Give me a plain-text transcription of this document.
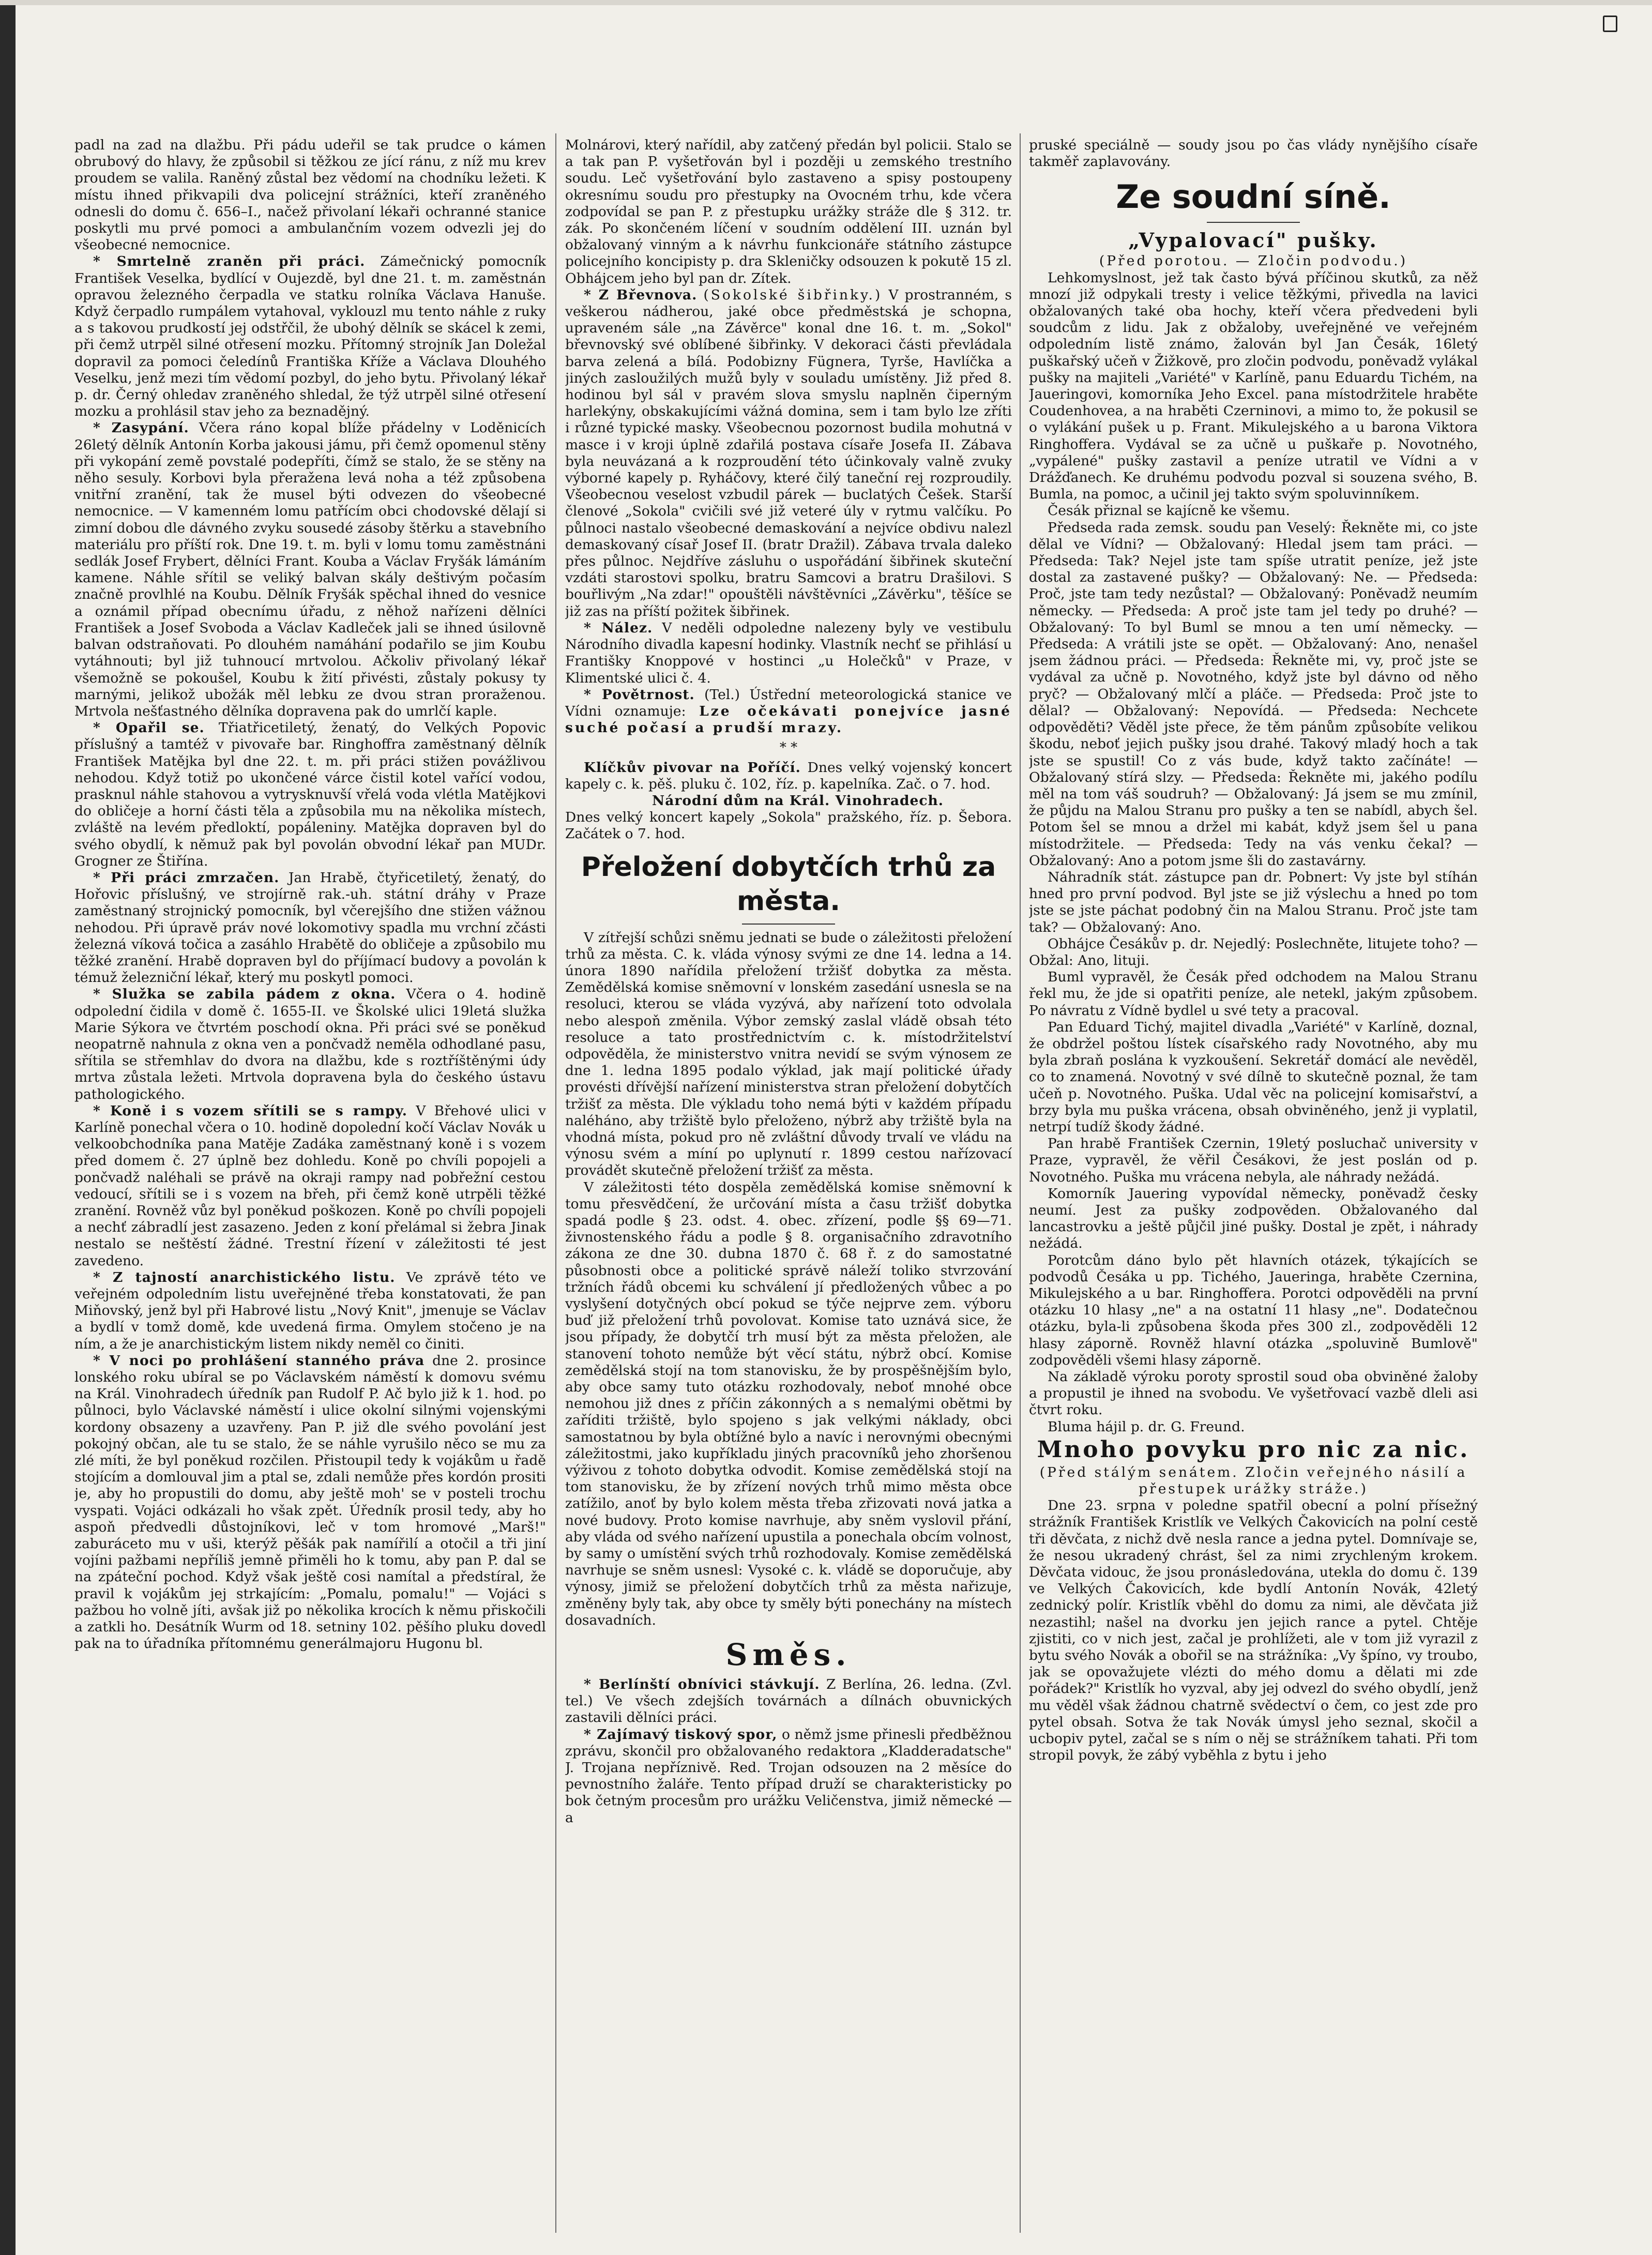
padl na zad na dlažbu. Při pádu udeřil se tak prudce o kámen obrubový do hlavy, že způsobil si těžkou ze jící ránu, z níž mu krev proudem se valila. Raněný zůstal bez vědomí na chodníku ležeti. K místu ihned přikvapili dva policejní strážníci, kteří zraněného odnesli do domu č. 656–I., načež přivolaní lékaři ochranné stanice poskytli mu prvé pomoci a ambulančním vozem odvezli jej do všeobecné nemocnice.

* Smrtelně zraněn při práci. Zámečnický pomocník František Veselka, bydlící v Oujezdě, byl dne 21. t. m. zaměstnán opravou železného čerpadla ve statku rolníka Václava Hanuše. Když čerpadlo rumpálem vytahoval, vyklouzl mu tento náhle z ruky a s takovou prudkostí jej odstřčil, že ubohý dělník se skácel k zemi, při čemž utrpěl silné otřesení mozku. Přítomný strojník Jan Doležal dopravil za pomoci čeledínů Františka Kříže a Václava Dlouhého Veselku, jenž mezi tím vědomí pozbyl, do jeho bytu. Přivolaný lékař p. dr. Černý ohledav zraněného shledal, že týž utrpěl silné otřesení mozku a prohlásil stav jeho za beznadějný.

* Zasypání. Včera ráno kopal blíže přádelny v Loděnicích 26letý dělník Antonín Korba jakousi jámu, při čemž opomenul stěny při vykopání země povstalé podepříti, čímž se stalo, že se stěny na něho sesuly. Korbovi byla přeražena levá noha a též způsobena vnitřní zranění, tak že musel býti odvezen do všeobecné nemocnice. — V kamenném lomu patřícím obci chodovské dělají si zimní dobou dle dávného zvyku sousedé zásoby štěrku a stavebního materiálu pro příští rok. Dne 19. t. m. byli v lomu tomu zaměstnáni sedlák Josef Frybert, dělníci Frant. Kouba a Václav Fryšák lámáním kamene. Náhle sřítil se veliký balvan skály deštivým počasím značně provlhlé na Koubu. Dělník Fryšák spěchal ihned do vesnice a oznámil případ obecnímu úřadu, z něhož nařízeni dělníci František a Josef Svoboda a Václav Kadleček jali se ihned úsilovně balvan odstraňovati. Po dlouhém namáhání podařilo se jim Koubu vytáhnouti; byl již tuhnoucí mrtvolou. Ačkoliv přivolaný lékař všemožně se pokoušel, Koubu k žití přivésti, zůstaly pokusy ty marnými, jelikož ubožák měl lebku ze dvou stran proraženou. Mrtvola nešťastného dělníka dopravena pak do umrlčí kaple.

* Opařil se. Třiatřicetiletý, ženatý, do Velkých Popovic příslušný a tamtéž v pivovaře bar. Ringhoffra zaměstnaný dělník František Matějka byl dne 22. t. m. při práci stižen povážlivou nehodou. Když totiž po ukončené várce čistil kotel vařící vodou, prasknul náhle stahovou a vytrysknuvší vřelá voda vlétla Matějkovi do obličeje a horní části těla a způsobila mu na několika místech, zvláště na levém předloktí, popáleniny. Matějka dopraven byl do svého obydlí, k němuž pak byl povolán obvodní lékař pan MUDr. Grogner ze Štiřína.

* Při práci zmrzačen. Jan Hrabě, čtyřicetiletý, ženatý, do Hořovic příslušný, ve strojírně rak.-uh. státní dráhy v Praze zaměstnaný strojnický pomocník, byl včerejšího dne stižen vážnou nehodou. Při úpravě práv nové lokomotivy spadla mu vrchní zčásti železná víková točica a zasáhlo Hrabětě do obličeje a způsobilo mu těžké zranění. Hrabě dopraven byl do příjímací budovy a povolán k témuž železniční lékař, který mu poskytl pomoci.

* Služka se zabila pádem z okna. Včera o 4. hodině odpolední čidila v domě č. 1655-II. ve Školské ulici 19letá služka Marie Sýkora ve čtvrtém poschodí okna. Při práci své se poněkud neopatrně nahnula z okna ven a pončvadž neměla odhodlané pasu, sřítila se střemhlav do dvora na dlažbu, kde s roztříštěnými údy mrtva zůstala ležeti. Mrtvola dopravena byla do českého ústavu pathologického.

* Koně i s vozem sřítili se s rampy. V Břehové ulici v Karlíně ponechal včera o 10. hodině dopolední kočí Václav Novák u velkoobchodníka pana Matěje Zadáka zaměstnaný koně i s vozem před domem č. 27 úplně bez dohledu. Koně po chvíli popojeli a pončvadž naléhali se právě na okraji rampy nad pobřežní cestou vedoucí, sřítili se i s vozem na břeh, při čemž koně utrpěli těžké zranění. Rovněž vůz byl poněkud poškozen. Koně po chvíli popojeli a nechť zábradlí jest zasazeno. Jeden z koní přelámal si žebra Jinak nestalo se neštěstí žádné. Trestní řízení v záležitosti té jest zavedeno.

* Z tajností anarchistického listu. Ve zprávě této ve veřejném odpoledním listu uveřejněné třeba konstatovati, že pan Miňovský, jenž byl při Habrové listu „Nový Knit", jmenuje se Václav a bydlí v tomž domě, kde uvedená firma. Omylem stočeno je na ním, a že je anarchistickým listem nikdy neměl co činiti.

* V noci po prohlášení stanného práva dne 2. prosince lonského roku ubíral se po Václavském náměstí k domovu svému na Král. Vinohradech úředník pan Rudolf P. Ač bylo již k 1. hod. po půlnoci, bylo Václavské náměstí i ulice okolní silnými vojenskými kordony obsazeny a uzavřeny. Pan P. již dle svého povolání jest pokojný občan, ale tu se stalo, že se náhle vyrušilo něco se mu za zlé míti, že byl poněkud rozčilen. Přistoupil tedy k vojákům u řadě stojícím a domlouval jim a ptal se, zdali nemůže přes kordón prositi je, aby ho propustili do domu, aby ještě moh' se v posteli trochu vyspati. Vojáci odkázali ho však zpět. Úředník prosil tedy, aby ho aspoň předvedli důstojníkovi, leč v tom hromové „Marš!" zaburáceto mu v uši, kterýž pěšák pak namířilí a otočil a tři jiní vojíni pažbami nepříliš jemně přiměli ho k tomu, aby pan P. dal se na zpáteční pochod. Když však ještě cosi namítal a předstíral, že pravil k vojákům jej strkajícím: „Pomalu, pomalu!" — Vojáci s pažbou ho volně jíti, avšak již po několika krocích k němu přiskočili a zatkli ho. Desátník Wurm od 18. setniny 102. pěšího pluku dovedl pak na to úřadníka přítomnému generálmajoru Hugonu bl.

Molnárovi, který nařídil, aby zatčený předán byl policii. Stalo se a tak pan P. vyšetřován byl i později u zemského trestního soudu. Leč vyšetřování bylo zastaveno a spisy postoupeny okresnímu soudu pro přestupky na Ovocném trhu, kde včera zodpovídal se pan P. z přestupku urážky stráže dle § 312. tr. zák. Po skončeném líčení v soudním oddělení III. uznán byl obžalovaný vinným a k návrhu funkcionáře státního zástupce policejního koncipisty p. dra Skleničky odsouzen k pokutě 15 zl. Obhájcem jeho byl pan dr. Zítek.

* Z Břevnova. (Sokolské šibřinky.) V prostranném, s veškerou nádherou, jaké obce předměstská je schopna, upraveném sále „na Závěrce" konal dne 16. t. m. „Sokol" břevnovský své oblíbené šibřinky. V dekoraci části převládala barva zelená a bílá. Podobizny Fügnera, Tyrše, Havlíčka a jiných zasloužilých mužů byly v souladu umístěny. Již před 8. hodinou byl sál v pravém slova smyslu naplněn čiperným harlekýny, obskakujícími vážná domina, sem i tam bylo lze zříti i různé typické masky. Všeobecnou pozornost budila mohutná v masce i v kroji úplně zdařilá postava císaře Josefa II. Zábava byla neuvázaná a k rozproudění této účinkovaly valně zvuky výborné kapely p. Ryháčovy, které čilý taneční rej rozproudily. Všeobecnou veselost vzbudil párek — buclatých Češek. Starší členové „Sokola" cvičili své již veteré úly v rytmu valčíku. Po půlnoci nastalo všeobecné demaskování a nejvíce obdivu nalezl demaskovaný císař Josef II. (bratr Dražil). Zábava trvala daleko přes půlnoc. Nejdříve zásluhu o uspořádání šibřinek skuteční vzdáti starostovi spolku, bratru Samcovi a bratru Drašilovi. S bouřlivým „Na zdar!" opouštěli návštěvníci „Závěrku", těšíce se již zas na příští požitek šibřinek.

* Nález. V neděli odpoledne nalezeny byly ve vestibulu Národního divadla kapesní hodinky. Vlastník nechť se přihlásí u Františky Knoppové v hostinci „u Holečků" v Praze, v Klimentské ulici č. 4.

* Povětrnost. (Tel.) Ústřední meteorologická stanice ve Vídni oznamuje: Lze očekávati ponejvíce jasné suché počasí a prudší mrazy.

* *

Klíčkův pivovar na Poříčí. Dnes velký vojenský koncert kapely c. k. pěš. pluku č. 102, říz. p. kapelníka. Zač. o 7. hod.

Národní dům na Král. Vinohradech.
Dnes velký koncert kapely „Sokola" pražského, říz. p. Šebora. Začátek o 7. hod.

Přeložení dobytčích trhů za města.

V zítřejší schůzi sněmu jednati se bude o záležitosti přeložení trhů za města. C. k. vláda výnosy svými ze dne 14. ledna a 14. února 1890 nařídila přeložení tržišť dobytka za města. Zemědělská komise sněmovní v lonském zasedání usnesla se na resoluci, kterou se vláda vyzývá, aby nařízení toto odvolala nebo alespoň změnila. Výbor zemský zaslal vládě obsah této resoluce a tato prostřednictvím c. k. místodržitelství odpověděla, že ministerstvo vnitra nevidí se svým výnosem ze dne 1. ledna 1895 podalo výklad, jak mají politické úřady provésti dřívější nařízení ministerstva stran přeložení dobytčích tržišť za města. Dle výkladu toho nemá býti v každém případu naléháno, aby tržiště bylo přeloženo, nýbrž aby tržiště byla na vhodná místa, pokud pro ně zvláštní důvody trvalí ve vládu na výnosu svém a míní po uplynutí r. 1899 cestou nařízovací provádět skutečně přeložení tržišť za města.

V záležitosti této dospěla zemědělská komise sněmovní k tomu přesvědčení, že určování místa a času tržišť dobytka spadá podle § 23. odst. 4. obec. zřízení, podle §§ 69—71. živnostenského řádu a podle § 8. organisačního zdravotního zákona ze dne 30. dubna 1870 č. 68 ř. z do samostatné působnosti obce a politické správě náleží toliko stvrzování tržních řádů obcemi ku schválení jí předložených vůbec a po vyslyšení dotyčných obcí pokud se týče nejprve zem. výboru buď již přeložení trhů povolovat. Komise tato uznává sice, že jsou případy, že dobytčí trh musí být za města přeložen, ale stanovení tohoto nemůže být věcí státu, nýbrž obcí. Komise zemědělská stojí na tom stanovisku, že by prospěšnějším bylo, aby obce samy tuto otázku rozhodovaly, neboť mnohé obce nemohou již dnes z příčin zákonných a s nemalými obětmi by zaříditi tržiště, bylo spojeno s jak velkými náklady, obci samostatnou by byla obtížné bylo a navíc i nerovnými obecnými záležitostmi, jako kupříkladu jiných pracovníků jeho zhoršenou výživou z tohoto dobytka odvodit. Komise zemědělská stojí na tom stanovisku, že by zřízení nových trhů mimo města obce zatížilo, anoť by bylo kolem města třeba zřizovati nová jatka a nové budovy. Proto komise navrhuje, aby sněm vyslovil přání, aby vláda od svého nařízení upustila a ponechala obcím volnost, by samy o umístění svých trhů rozhodovaly. Komise zemědělská navrhuje se sněm usnesl: Vysoké c. k. vládě se doporučuje, aby výnosy, jimiž se přeložení dobytčích trhů za města nařizuje, změněny byly tak, aby obce ty směly býti ponechány na místech dosavadních.

Směs.

* Berlínští obnívici stávkují. Z Berlína, 26. ledna. (Zvl. tel.) Ve všech zdejších továrnách a dílnách obuvnických zastavili dělníci práci.

* Zajímavý tiskový spor, o němž jsme přinesli předběžnou zprávu, skončil pro obžalovaného redaktora „Kladderadatsche" J. Trojana nepříznivě. Red. Trojan odsouzen na 2 měsíce do pevnostního žaláře. Tento případ druží se charakteristicky po bok četným procesům pro urážku Veličenstva, jimiž německé — a

pruské speciálně — soudy jsou po čas vlády nynějšího císaře takměř zaplavovány.

Ze soudní síně.
„Vypalovací" pušky.
(Před porotou. — Zločin podvodu.)

Lehkomyslnost, jež tak často bývá příčinou skutků, za něž mnozí již odpykali tresty i velice těžkými, přivedla na lavici obžalovaných také oba hochy, kteří včera předvedeni byli soudcům z lidu. Jak z obžaloby, uveřejněné ve veřejném odpoledním listě známo, žalován byl Jan Česák, 16letý puškařský učeň v Žižkově, pro zločin podvodu, poněvadž vylákal pušky na majiteli „Variété" v Karlíně, panu Eduardu Tichém, na Jaueringovi, komorníka Jeho Excel. pana místodržitele hraběte Coudenhovea, a na hraběti Czerninovi, a mimo to, že pokusil se o vylákání pušek u p. Frant. Mikulejského a u barona Viktora Ringhoffera. Vydával se za učně u puškaře p. Novotného, „vypálené" pušky zastavil a peníze utratil ve Vídni a v Drážďanech. Ke druhému podvodu pozval si souzena svého, B. Bumla, na pomoc, a učinil jej takto svým spoluvinníkem.

Česák přiznal se kajícně ke všemu.

Předseda rada zemsk. soudu pan Veselý: Řekněte mi, co jste dělal ve Vídni? — Obžalovaný: Hledal jsem tam práci. — Předseda: Tak? Nejel jste tam spíše utratit peníze, jež jste dostal za zastavené pušky? — Obžalovaný: Ne. — Předseda: Proč, jste tam tedy nezůstal? — Obžalovaný: Poněvadž neumím německy. — Předseda: A proč jste tam jel tedy po druhé? — Obžalovaný: To byl Buml se mnou a ten umí německy. — Předseda: A vrátili jste se opět. — Obžalovaný: Ano, nenašel jsem žádnou práci. — Předseda: Řekněte mi, vy, proč jste se vydával za učně p. Novotného, když jste byl dávno od něho pryč? — Obžalovaný mlčí a pláče. — Předseda: Proč jste to dělal? — Obžalovaný: Nepovídá. — Předseda: Nechcete odpověděti? Věděl jste přece, že těm pánům způsobíte velikou škodu, neboť jejich pušky jsou drahé. Takový mladý hoch a tak jste se spustil! Co z vás bude, když takto začínáte! — Obžalovaný stírá slzy. — Předseda: Řekněte mi, jakého podílu měl na tom váš soudruh? — Obžalovaný: Já jsem se mu zmínil, že půjdu na Malou Stranu pro pušky a ten se nabídl, abych šel. Potom šel se mnou a držel mi kabát, když jsem šel u pana místodržitele. — Předseda: Tedy na vás venku čekal? — Obžalovaný: Ano a potom jsme šli do zastavárny.

Náhradník stát. zástupce pan dr. Pobnert: Vy jste byl stíhán hned pro první podvod. Byl jste se již výslechu a hned po tom jste se jste páchat podobný čin na Malou Stranu. Proč jste tam tak? — Obžalovaný: Ano.

Obhájce Česákův p. dr. Nejedlý: Poslechněte, litujete toho? — Obžal: Ano, lituji.

Buml vypravěl, že Česák před odchodem na Malou Stranu řekl mu, že jde si opatřiti peníze, ale netekl, jakým způsobem. Po návratu z Vídně bydlel u své tety a pracoval.

Pan Eduard Tichý, majitel divadla „Variété" v Karlíně, doznal, že obdržel poštou lístek císařského rady Novotného, aby mu byla zbraň poslána k vyzkoušení. Sekretář domácí ale nevěděl, co to znamená. Novotný v své dílně to skutečně poznal, že tam učeň p. Novotného. Puška. Udal věc na policejní komisařství, a brzy byla mu puška vrácena, obsah obviněného, jenž ji vyplatil, netrpí tudíž škody žádné.

Pan hrabě František Czernin, 19letý posluchač university v Praze, vypravěl, že věřil Česákovi, že jest poslán od p. Novotného. Puška mu vrácena nebyla, ale náhrady nežádá.

Komorník Jauering vypovídal německy, poněvadž česky neumí. Jest za pušky zodpověden. Obžalovaného dal lancastrovku a ještě půjčil jiné pušky. Dostal je zpět, i náhrady nežádá.

Porotcům dáno bylo pět hlavních otázek, týkajících se podvodů Česáka u pp. Tichého, Jaueringa, hraběte Czernina, Mikulejského a u bar. Ringhoffera. Porotci odpověděli na první otázku 10 hlasy „ne" a na ostatní 11 hlasy „ne". Dodatečnou otázku, byla-li způsobena škoda přes 300 zl., zodpověděli 12 hlasy záporně. Rovněž hlavní otázka „spoluvině Bumlově" zodpověděli všemi hlasy záporně.

Na základě výroku poroty sprostil soud oba obviněné žaloby a propustil je ihned na svobodu. Ve vyšetřovací vazbě dleli asi čtvrt roku.

Bluma hájil p. dr. G. Freund.

Mnoho povyku pro nic za nic.
(Před stálým senátem. Zločin veřejného násilí a přestupek urážky stráže.)

Dne 23. srpna v poledne spatřil obecní a polní přísežný strážník František Kristlík ve Velkých Čakovicích na polní cestě tři děvčata, z nichž dvě nesla rance a jedna pytel. Domnívaje se, že nesou ukradený chrást, šel za nimi zrychleným krokem. Děvčata vidouc, že jsou pronásledována, utekla do domu č. 139 ve Velkých Čakovicích, kde bydlí Antonín Novák, 42letý zednický polír. Kristlík vběhl do domu za nimi, ale děvčata již nezastihl; našel na dvorku jen jejich rance a pytel. Chtěje zjistiti, co v nich jest, začal je prohlížeti, ale v tom již vyrazil z bytu svého Novák a obořil se na strážníka: „Vy špíno, vy troubo, jak se opovažujete vlézti do mého domu a dělati mi zde pořádek?" Kristlík ho vyzval, aby jej odvezl do svého obydlí, jenž mu věděl však žádnou chatrně svědectví o čem, co jest zde pro pytel obsah. Sotva že tak Novák úmysl jeho seznal, skočil a ucbopiv pytel, začal se s ním o něj se strážníkem tahati. Při tom stropil povyk, že zábý vyběhla z bytu i jeho
